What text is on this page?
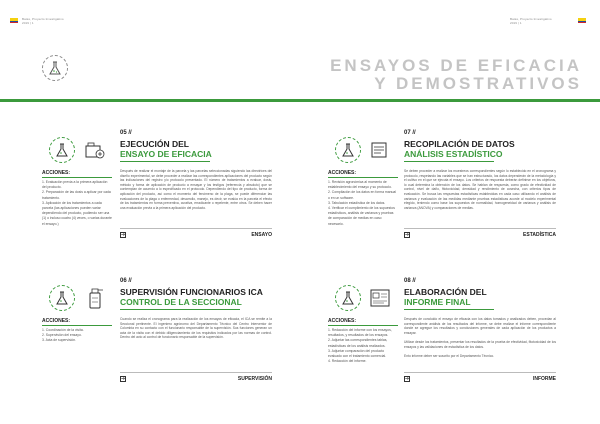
Batax, Proyecto Investigativo
2019 | 1
Batax, Proyecto Investigativo
2019 | 1
ENSAYOS DE EFICACIA
Y DEMOSTRATIVOS
05 //
EJECUCIÓN DEL
ENSAYO DE EFICACIA
ACCIONES:
1. Evaluación previa a la primera aplicación del producto.
2. Preparación de las dosis a aplicar por cada tratamiento.
3. Aplicación de los tratamientos a cada parcela (las aplicaciones pueden variar dependiendo del producto, pudiendo ser una (1) o incluso cuatro (4) veces, o varias durante el ensayo.)
Después de realizar el montaje de la parcela y las parcelas seleccionadas siguiendo las directrices del diseño experimental, se debe proceder a realizar las correspondientes aplicaciones del producto según las indicaciones del registro y/o protocolo presentado. El número de tratamientos a evaluar, dosis, método y forma de aplicación de producto a ensayar y los testigos (referencia y absoluto) que se contemplan de acuerdo a lo especificado en el protocolo. Dependiendo del tipo de producto, forma de aplicación del producto, así como el momento del fenómeno de la plaga, se puede diferenciar las evaluaciones de la plaga o enfermedad, desarrollo, manejo, es decir, se evalúa en la parcela el efecto de los tratamientos en forma preventiva, curativa, erradicante o repelente, entre otros. Se deben hacer una evaluación previa a la primera aplicación del producto.
➔	ENSAYO
07 //
RECOPILACIÓN DE DATOS
ANÁLISIS ESTADÍSTICO
ACCIONES:
1. Revisión agronómica al momento de establecimiento del ensayo y su protocolo.
2. Compilación de los datos en forma manual o en un software.
3. Tabulación estadística de los datos.
4. Verificar el cumplimiento de los supuestos estadísticos, análisis de varianza y pruebas de comparación de medias en caso necesario.
Se deben proceder a realizar los muestreos correspondientes según lo establecido en el cronograma y protocolo, respetando las variables que se han estructurado, los datos dependerán de la metodología y el cultivo en el que se ejecuta el ensayo. Los criterios de respuesta deberán definirse en los objetivos, lo cual determina la obtención de los datos. Se hablan de respuesta, como grado de efectividad de control, nivel de daño, fitotoxicidad, densidad y rendimiento de cosecha, con criterios tipos de evaluación. Se busca las respuestas estadísticas establecidas en cada caso utilizando el análisis de varianza y evaluación de las medidas mediante pruebas estadísticas acorde al modelo experimental elegido, teniendo como base los supuestos de normalidad, homogeneidad de varianza y análisis de varianza (ANOVA) y comparaciones de medias.
➔	ESTADÍSTICA
06 //
SUPERVISIÓN FUNCIONARIOS ICA
CONTROL DE LA SECCIONAL
ACCIONES:
1. Coordinación de la visita.
2. Supervisión del ensayo.
3. Acta de supervisión.
Cuando se realiza el cronograma para la realización de los ensayos de eficacia, el ICA se remite a la Seccional pertinente. El ingeniero agrónomo del Departamento Técnico del Centro Interventor de Colombia en su contacto con el funcionario responsable de la supervisión. Sus funciones generan un acta de la visita con el debido diligenciamiento de los requisitos indicados por las normas de control. Dentro del acto al control de funcionario responsable de la supervisión.
➔	SUPERVISIÓN
08 //
ELABORACIÓN DEL
INFORME FINAL
ACCIONES:
1. Redacción del informe con los ensayos, resultados, y resultados de los ensayos.
2. Adjuntar las correspondientes tablas, estadísticas de los análisis realizados.
3. Adjuntar comparación del producto evaluado con el tratamiento comercial.
4. Redacción del informe.
Después de concluido el ensayo de eficacia con los datos tomados y analizados deben, procedan al correspondiente análisis de los resultados del informe, se debe realizar el informe correspondiente donde se agregue los resultados y conclusiones generales de cada aplicación de los productos a ensayar.

Utilizar desde los tratamientos, presentar los resultados de la prueba de efectividad, fitotoxicidad de los ensayos y las validaciones de estadística de los datos.

Ento informe deber ser suscrito por el Departamento Técnico.
➔	INFORME
